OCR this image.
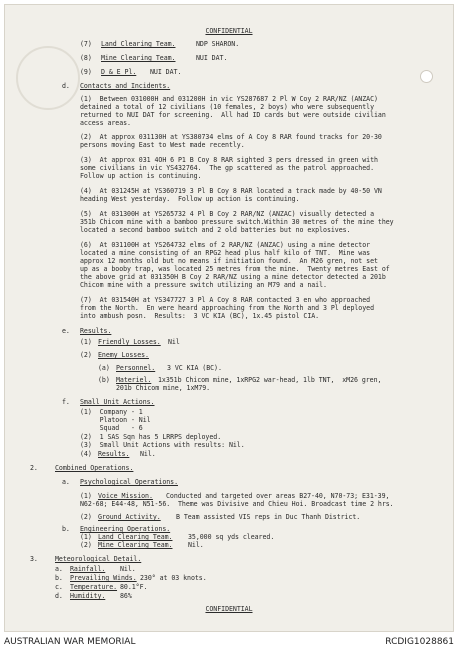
CONFIDENTIAL
(7) Land Clearing Team.	NDP SHARON.
(8) Mine Clearing Team.	NUI DAT.
(9) D & E Pl. NUI DAT.
d. Contacts and Incidents.
(1)  Between 031000H and 031200H in vic YS287687 2 Pl W Coy 2 RAR/NZ (ANZAC)
detained a total of 12 civilians (10 females, 2 boys) who were subsequently
returned to NUI DAT for screening.  All had ID cards but were outside civilian
access areas.
(2)  At approx 031130H at YS380734 elms of A Coy 8 RAR found tracks for 20-30
persons moving East to West made recently.
(3)  At approx 031 4OH 6 P1 B Coy 8 RAR sighted 3 pers dressed in green with
some civilians in vic YS432764.  The gp scattered as the patrol approached.
Follow up action is continuing.
(4)  At 031245H at YS360719 3 Pl B Coy 8 RAR located a track made by 40-50 VN
heading West yesterday.  Follow up action is continuing.
(5)  At 031300H at YS265732 4 Pl B Coy 2 RAR/NZ (ANZAC) visually detected a
351b Chicom mine with a bamboo pressure switch.Within 30 metres of the mine they
located a second bamboo switch and 2 old batteries but no explosives.
(6)  At 031100H at YS264732 elms of 2 RAR/NZ (ANZAC) using a mine detector
located a mine consisting of an RPG2 head plus half kilo of TNT.  Mine was
approx 12 months old but no means if initiation found.  An M26 gren, not set
up as a booby trap, was located 25 metres from the mine.  Twenty metres East of
the above grid at 031350H B Coy 2 RAR/NZ using a mine detector detected a 201b
Chicom mine with a pressure switch utilizing an M79 and a nail.
(7)  At 031540H at YS347727 3 Pl A Coy 8 RAR contacted 3 en who approached
from the North.  En were heard approaching from the North and 3 Pl deployed
into ambush posn.  Results:  3 VC KIA (BC), 1x.45 pistol CIA.
e. Results.
(1) Friendly Losses. Nil
(2) Enemy Losses.
(a) Personnel. 3 VC KIA (BC).
(b) Materiel. 1x351b Chicom mine, 1xRPG2 war-head, 1lb TNT,  xM26 gren,
201b Chicom mine, 1xM79.
f. Small Unit Actions.
(1)  Company - 1
Platoon - Nil
Squad   - 6
(2)  1 SAS Sqn has 5 LRRPS deployed.
(3)  Small Unit Actions with results: Nil.
(4) Results. Nil.
2.	Combined Operations.
a. Psychological Operations.
(1) Voice Mission. Conducted and targeted over areas B27-40, N70-73; E31-39,
N62-68; E44-48, N51-56.  Theme was Divisive and Chieu Hoi. Broadcast time 2 hrs.
(2) Ground Activity. B Team assisted VIS reps in Duc Thanh District.
b. Engineering Operations.
(1) Land Clearing Team. 35,000 sq yds cleared.
(2) Mine Clearing Team. Nil.
3.	Meteorological Detail.
a. Rainfall. Nil.
b. Prevailing Winds. 230° at 03 knots.
c. Temperature. 80.1°F.
d. Humidity. 86%
CONFIDENTIAL
AUSTRALIAN WAR MEMORIAL	RCDIG1028861
